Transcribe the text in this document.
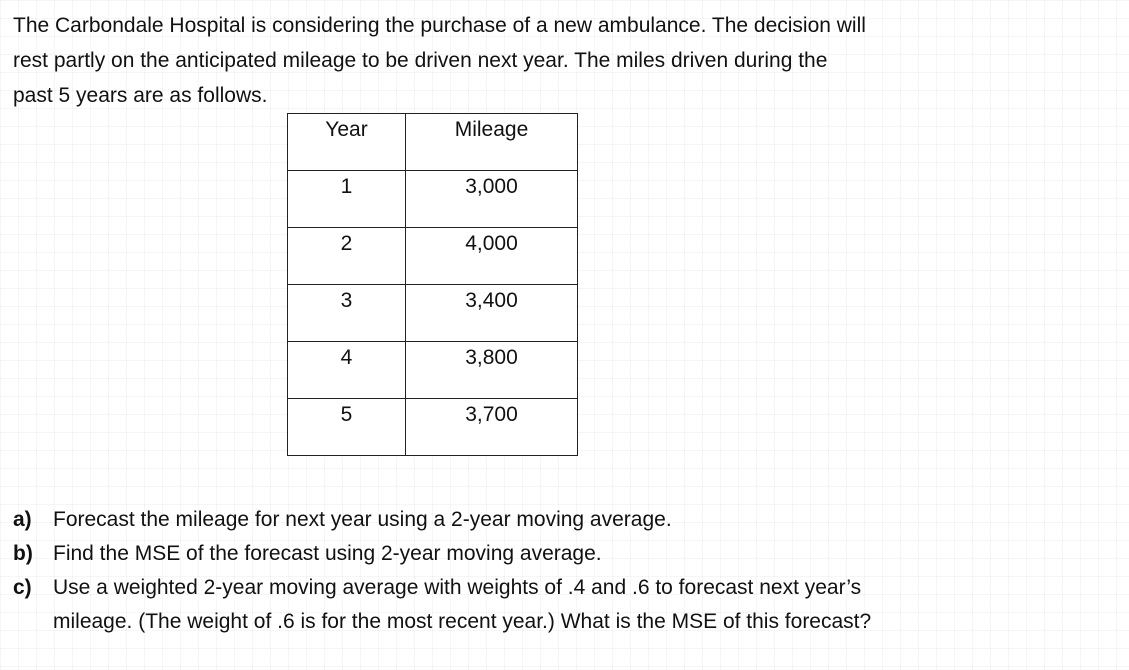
The Carbondale Hospital is considering the purchase of a new ambulance. The decision will
rest partly on the anticipated mileage to be driven next year. The miles driven during the
past 5 years are as follows.

Year	Mileage
1	3,000
2	4,000
3	3,400
4	3,800
5	3,700
a)	Forecast the mileage for next year using a 2-year moving average.
b) Find the MSE of the forecast using 2-year moving average.
c)	Use a weighted 2-year moving average with weights of .4 and .6 to forecast next year’s
mileage. (The weight of .6 is for the most recent year.) What is the MSE of this forecast?
